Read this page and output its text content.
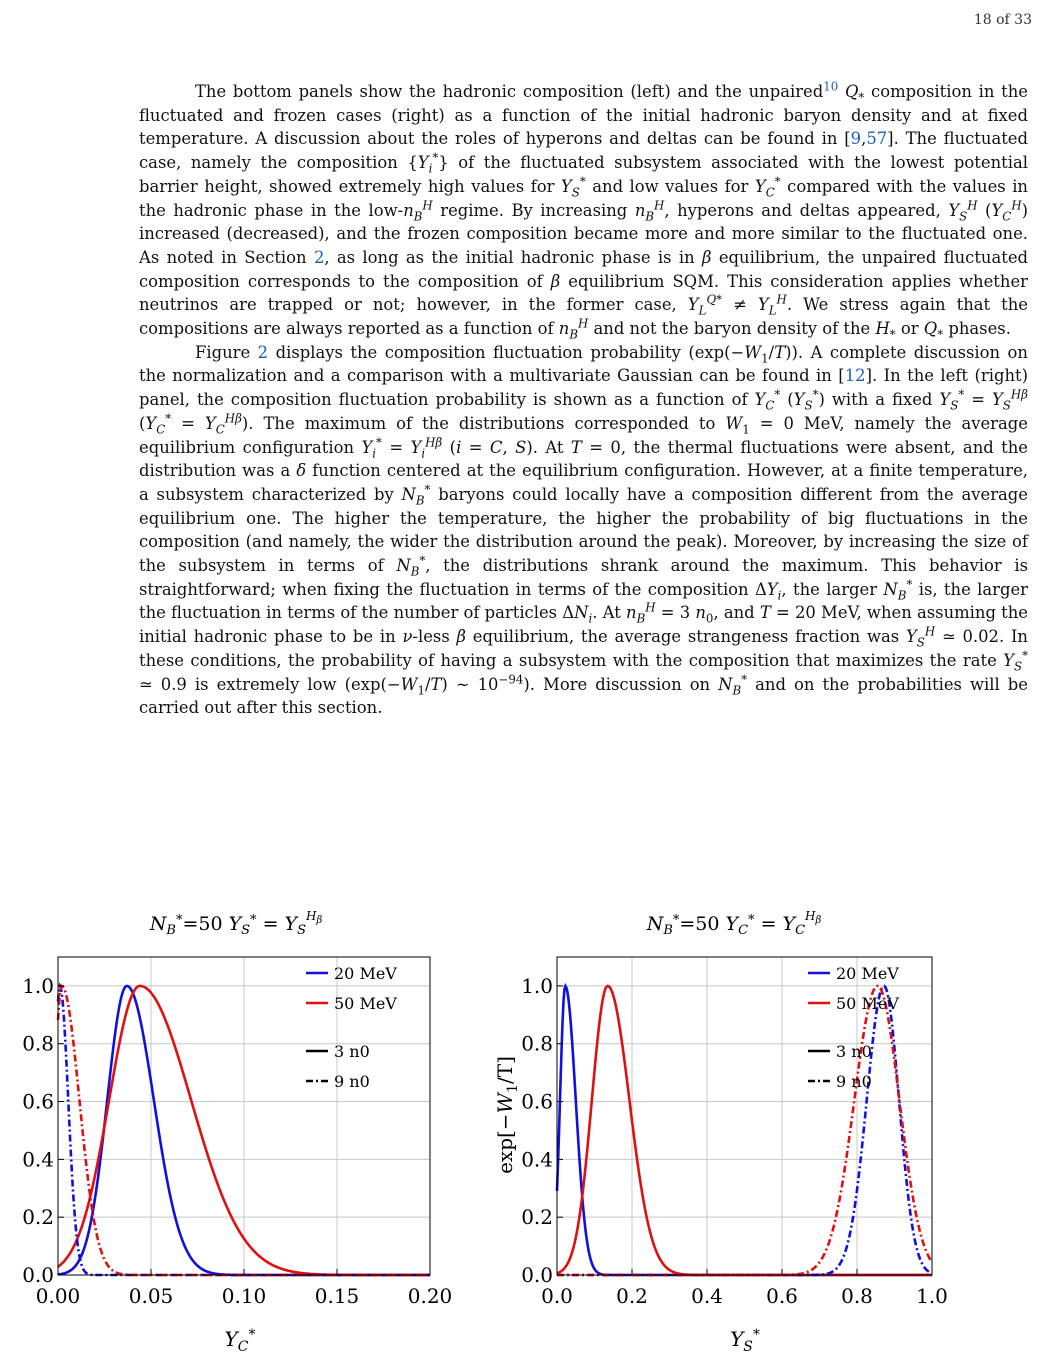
18 of 33

The bottom panels show the hadronic composition (left) and the unpaired$^{10}$ $Q_*$ composition in the fluctuated and frozen cases (right) as a function of the initial hadronic baryon density and at fixed temperature. A discussion about the roles of hyperons and deltas can be found in [9,57]. The fluctuated case, namely the composition $\{Y_i^*\}$ of the fluctuated subsystem associated with the lowest potential barrier height, showed extremely high values for $Y_S^*$ and low values for $Y_C^*$ compared with the values in the hadronic phase in the low-$n_B^H$ regime. By increasing $n_B^H$, hyperons and deltas appeared, $Y_S^H$ $(Y_C^H)$ increased (decreased), and the frozen composition became more and more similar to the fluctuated one. As noted in Section 2, as long as the initial hadronic phase is in β equilibrium, the unpaired fluctuated composition corresponds to the composition of β equilibrium SQM. This consideration applies whether neutrinos are trapped or not; however, in the former case, $Y_L^{Q*} \ne Y_L^H$. We stress again that the compositions are always reported as a function of $n_B^H$ and not the baryon density of the $H_*$ or $Q_*$ phases.

Figure 2 displays the composition fluctuation probability $(\exp(-W_1/T))$. A complete discussion on the normalization and a comparison with a multivariate Gaussian can be found in [12]. In the left (right) panel, the composition fluctuation probability is shown as a function of $Y_C^*$ $(Y_S^*)$ with a fixed $Y_S^* = Y_S^{H\beta}$ $(Y_C^* = Y_C^{H\beta})$. The maximum of the distributions corresponded to $W_1 = 0$ MeV, namely the average equilibrium configuration $Y_i^* = Y_i^{H\beta}$ (i = C, S). At T = 0, the thermal fluctuations were absent, and the distribution was a δ function centered at the equilibrium configuration. However, at a finite temperature, a subsystem characterized by $N_B^*$ baryons could locally have a composition different from the average equilibrium one. The higher the temperature, the higher the probability of big fluctuations in the composition (and namely, the wider the distribution around the peak). Moreover, by increasing the size of the subsystem in terms of $N_B^*$, the distributions shrank around the maximum. This behavior is straightforward; when fixing the fluctuation in terms of the composition $\Delta Y_i$, the larger $N_B^*$ is, the larger the fluctuation in terms of the number of particles $\Delta N_i$. At $n_B^H = 3$ $n_0$, and T = 20 MeV, when assuming the initial hadronic phase to be in ν-less β equilibrium, the average strangeness fraction was $Y_S^H$ ≃ 0.02. In these conditions, the probability of having a subsystem with the composition that maximizes the rate $Y_S^*$ ≃ 0.9 is extremely low ($\exp(-W_1/T)$ ∼ $10^{-94}$). More discussion on $N_B^*$ and on the probabilities will be carried out after this section.

$N_B^*=50$ $Y_S^* = Y_S^H\beta$
0.00 0.05 0.10 0.15 0.20
0.0
0.2
0.4
0.6
0.8
1.0
20 MeV
50 MeV
3 n0
9 n0
$Y_C^*$
$N_B^*=50$ $Y_C^* = Y_C^H\beta$
0.0 0.2 0.4 0.6 0.8 1.0
0.0
0.2
0.4
0.6
0.8
1.0
20 MeV
50 MeV
3 n0
9 n0
$Y_S^*$
$\exp[-W_1/T]$
